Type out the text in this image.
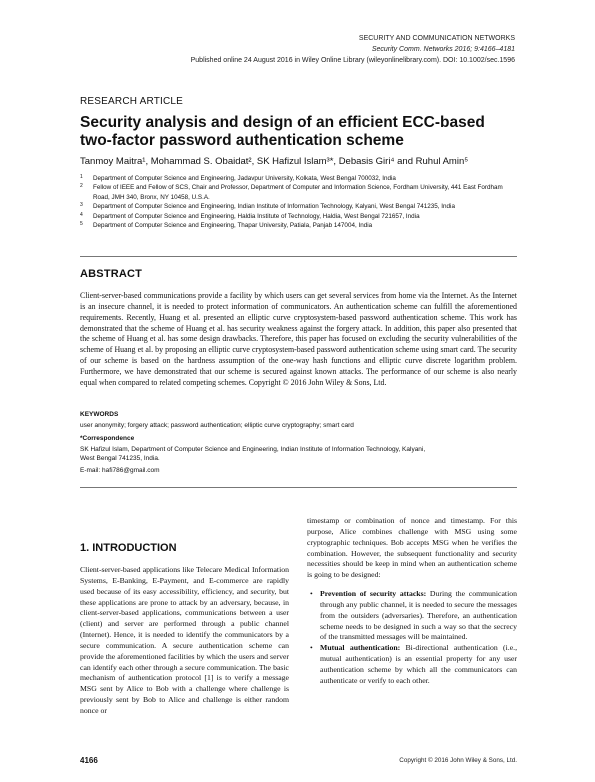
SECURITY AND COMMUNICATION NETWORKS
Security Comm. Networks 2016; 9:4166–4181
Published online 24 August 2016 in Wiley Online Library (wileyonlinelibrary.com). DOI: 10.1002/sec.1596
RESEARCH ARTICLE
Security analysis and design of an efficient ECC-based two-factor password authentication scheme
Tanmoy Maitra¹, Mohammad S. Obaidat², SK Hafizul Islam³*, Debasis Giri⁴ and Ruhul Amin⁵
1 Department of Computer Science and Engineering, Jadavpur University, Kolkata, West Bengal 700032, India
2 Fellow of IEEE and Fellow of SCS, Chair and Professor, Department of Computer and Information Science, Fordham University, 441 East Fordham Road, JMH 340, Bronx, NY 10458, U.S.A.
3 Department of Computer Science and Engineering, Indian Institute of Information Technology, Kalyani, West Bengal 741235, India
4 Department of Computer Science and Engineering, Haldia Institute of Technology, Haldia, West Bengal 721657, India
5 Department of Computer Science and Engineering, Thapar University, Patiala, Panjab 147004, India
ABSTRACT
Client-server-based communications provide a facility by which users can get several services from home via the Internet. As the Internet is an insecure channel, it is needed to protect information of communicators. An authentication scheme can fulfill the aforementioned requirements. Recently, Huang et al. presented an elliptic curve cryptosystem-based password authentication scheme. This work has demonstrated that the scheme of Huang et al. has security weakness against the forgery attack. In addition, this paper also presented that the scheme of Huang et al. has some design drawbacks. Therefore, this paper has focused on excluding the security vulnerabilities of the scheme of Huang et al. by proposing an elliptic curve cryptosystem-based password authentication scheme using smart card. The security of our scheme is based on the hardness assumption of the one-way hash functions and elliptic curve discrete logarithm problem. Furthermore, we have demonstrated that our scheme is secured against known attacks. The performance of our scheme is also nearly equal when compared to related competing schemes. Copyright © 2016 John Wiley & Sons, Ltd.
KEYWORDS
user anonymity; forgery attack; password authentication; elliptic curve cryptography; smart card
*Correspondence
SK Hafizul Islam, Department of Computer Science and Engineering, Indian Institute of Information Technology, Kalyani, West Bengal 741235, India.
E-mail: hafi786@gmail.com
1. INTRODUCTION

Client-server-based applications like Telecare Medical Information Systems, E-Banking, E-Payment, and E-commerce are rapidly used because of its easy accessibility, efficiency, and security, but these applications are prone to attack by an adversary, because, in client-server-based applications, communications between a user (client) and server are performed through a public channel (Internet). Hence, it is needed to identify the communicators by a secure communication. A secure authentication scheme can provide the aforementioned facilities by which the users and server can identify each other through a secure communication. The basic mechanism of authentication protocol [1] is to verify a message MSG sent by Alice to Bob with a challenge where challenge is previously sent by Bob to Alice and challenge is either random nonce or

timestamp or combination of nonce and timestamp. For this purpose, Alice combines challenge with MSG using some cryptographic techniques. Bob accepts MSG when he verifies the combination. However, the subsequent functionality and security necessities should be keep in mind when an authentication scheme is going to be designed:

• Prevention of security attacks: During the communication through any public channel, it is needed to secure the messages from the outsiders (adversaries). Therefore, an authentication scheme needs to be designed in such a way so that the secrecy of the transmitted messages will be maintained.
• Mutual authentication: Bi-directional authentication (i.e., mutual authentication) is an essential property for any user authentication scheme by which all the communicators can authenticate or verify to each other.
4166	Copyright © 2016 John Wiley & Sons, Ltd.
